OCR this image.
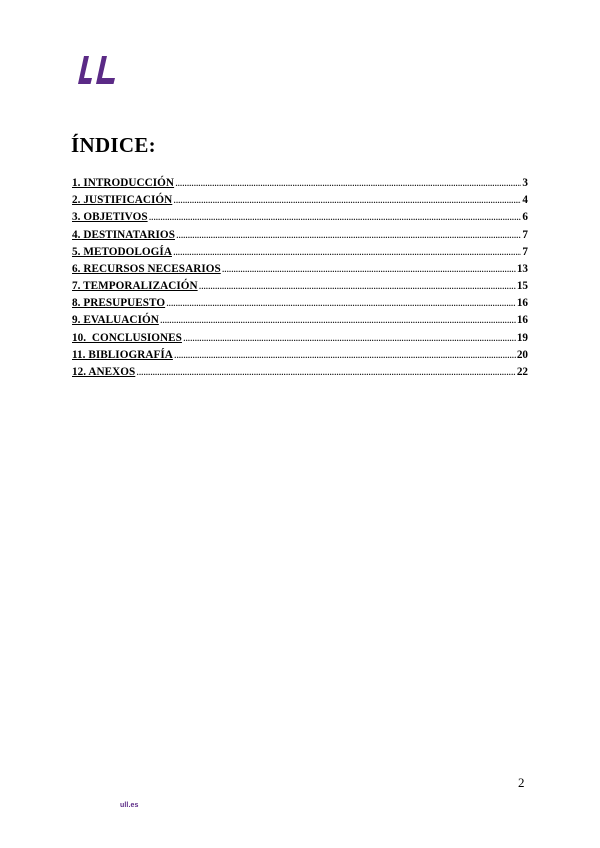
ÍNDICE:
1. INTRODUCCIÓN .....	3
2. JUSTIFICACIÓN .....	4
3. OBJETIVOS .....	6
4. DESTINATARIOS .....	7
5. METODOLOGÍA .....	7
6. RECURSOS NECESARIOS .....	13
7. TEMPORALIZACIÓN .....	15
8. PRESUPUESTO .....	16
9. EVALUACIÓN .....	16
10.  CONCLUSIONES .....	19
11. BIBLIOGRAFÍA .....	20
12. ANEXOS .....	22
2
ull.es
